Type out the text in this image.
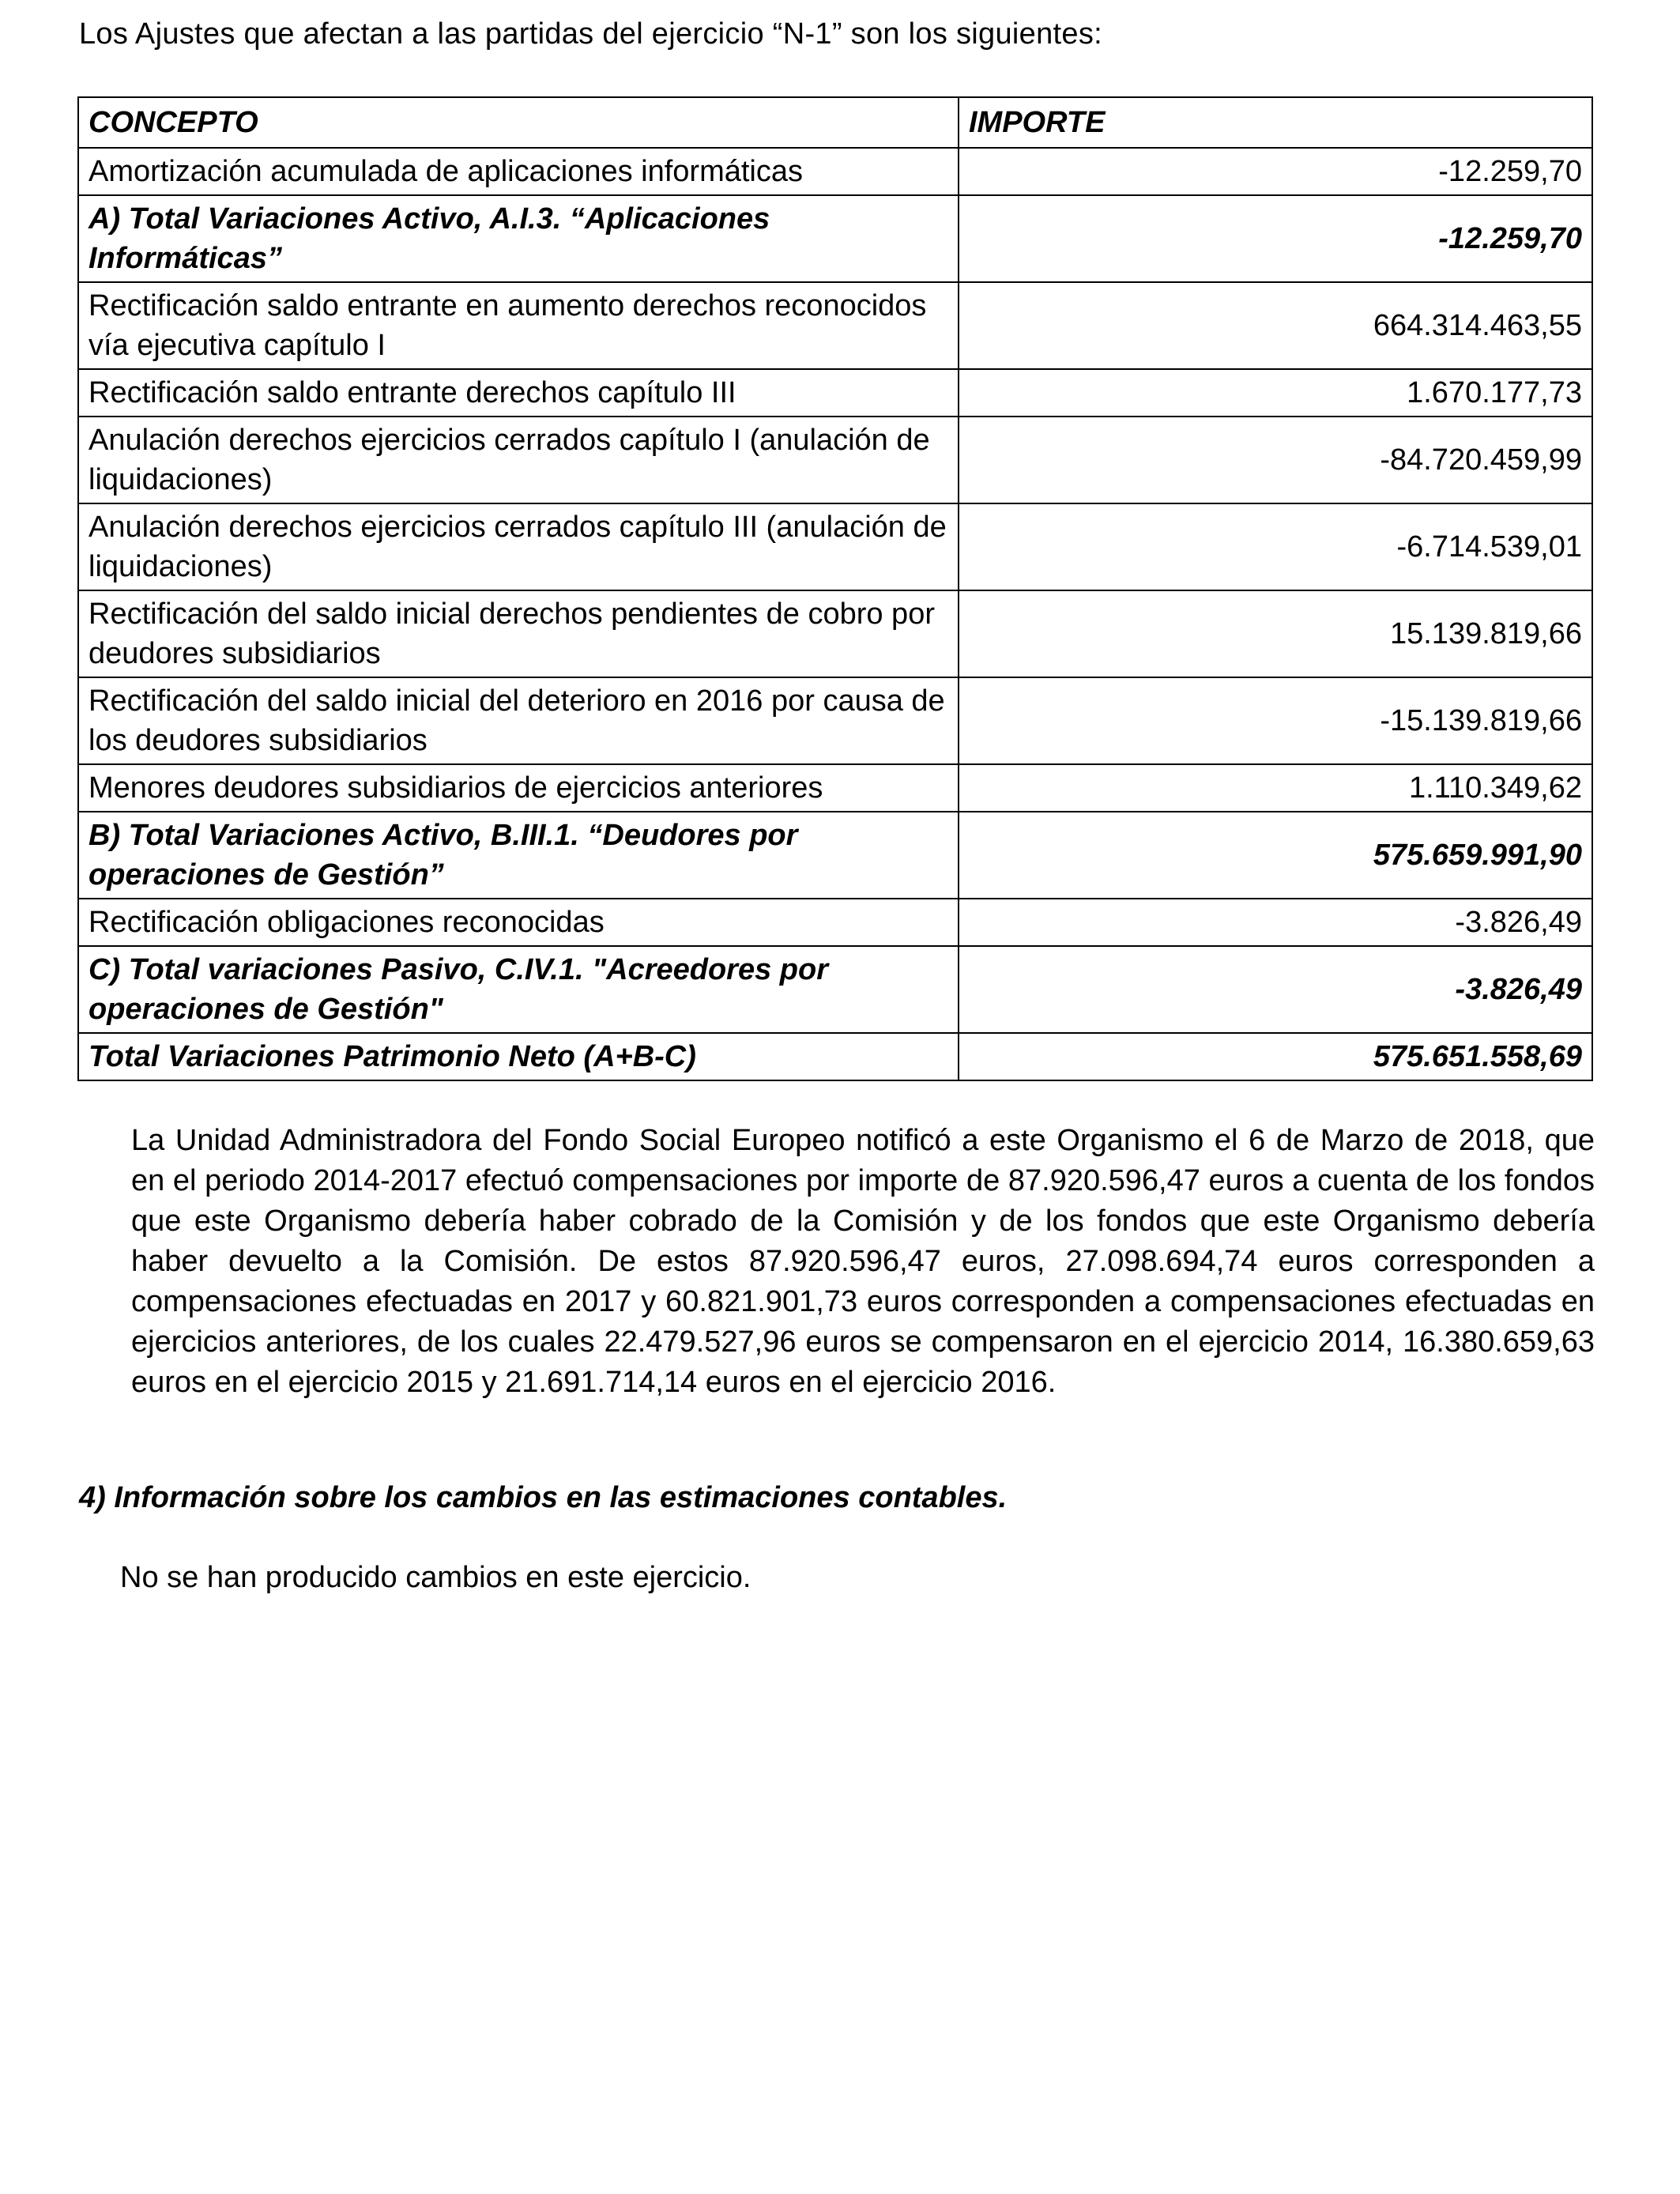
Los Ajustes que afectan a las partidas del ejercicio “N-1” son los siguientes:

CONCEPTO	IMPORTE
Amortización acumulada de aplicaciones informáticas	-12.259,70
A) Total Variaciones Activo, A.I.3. “Aplicaciones Informáticas”	-12.259,70
Rectificación saldo entrante en aumento derechos reconocidos vía ejecutiva capítulo I	664.314.463,55
Rectificación saldo entrante derechos capítulo III	1.670.177,73
Anulación derechos ejercicios cerrados capítulo I (anulación de liquidaciones)	-84.720.459,99
Anulación derechos ejercicios cerrados capítulo III (anulación de liquidaciones)	-6.714.539,01
Rectificación del saldo inicial derechos pendientes de cobro por deudores subsidiarios	15.139.819,66
Rectificación del saldo inicial del deterioro en 2016 por causa de los deudores subsidiarios	-15.139.819,66
Menores deudores subsidiarios de ejercicios anteriores	1.110.349,62
B) Total Variaciones Activo, B.III.1. “Deudores por operaciones de Gestión”	575.659.991,90
Rectificación obligaciones reconocidas	-3.826,49
C) Total variaciones Pasivo, C.IV.1. "Acreedores por operaciones de Gestión"	-3.826,49
Total Variaciones Patrimonio Neto (A+B-C)	575.651.558,69

La Unidad Administradora del Fondo Social Europeo notificó a este Organismo el 6 de Marzo de 2018, que en el periodo 2014-2017 efectuó compensaciones por importe de 87.920.596,47 euros a cuenta de los fondos que este Organismo debería haber cobrado de la Comisión y de los fondos que este Organismo debería haber devuelto a la Comisión. De estos 87.920.596,47 euros, 27.098.694,74 euros corresponden a compensaciones efectuadas en 2017 y 60.821.901,73 euros corresponden a compensaciones efectuadas en ejercicios anteriores, de los cuales 22.479.527,96 euros se compensaron en el ejercicio 2014, 16.380.659,63 euros en el ejercicio 2015 y 21.691.714,14 euros en el ejercicio 2016.

4) Información sobre los cambios en las estimaciones contables.

No se han producido cambios en este ejercicio.
